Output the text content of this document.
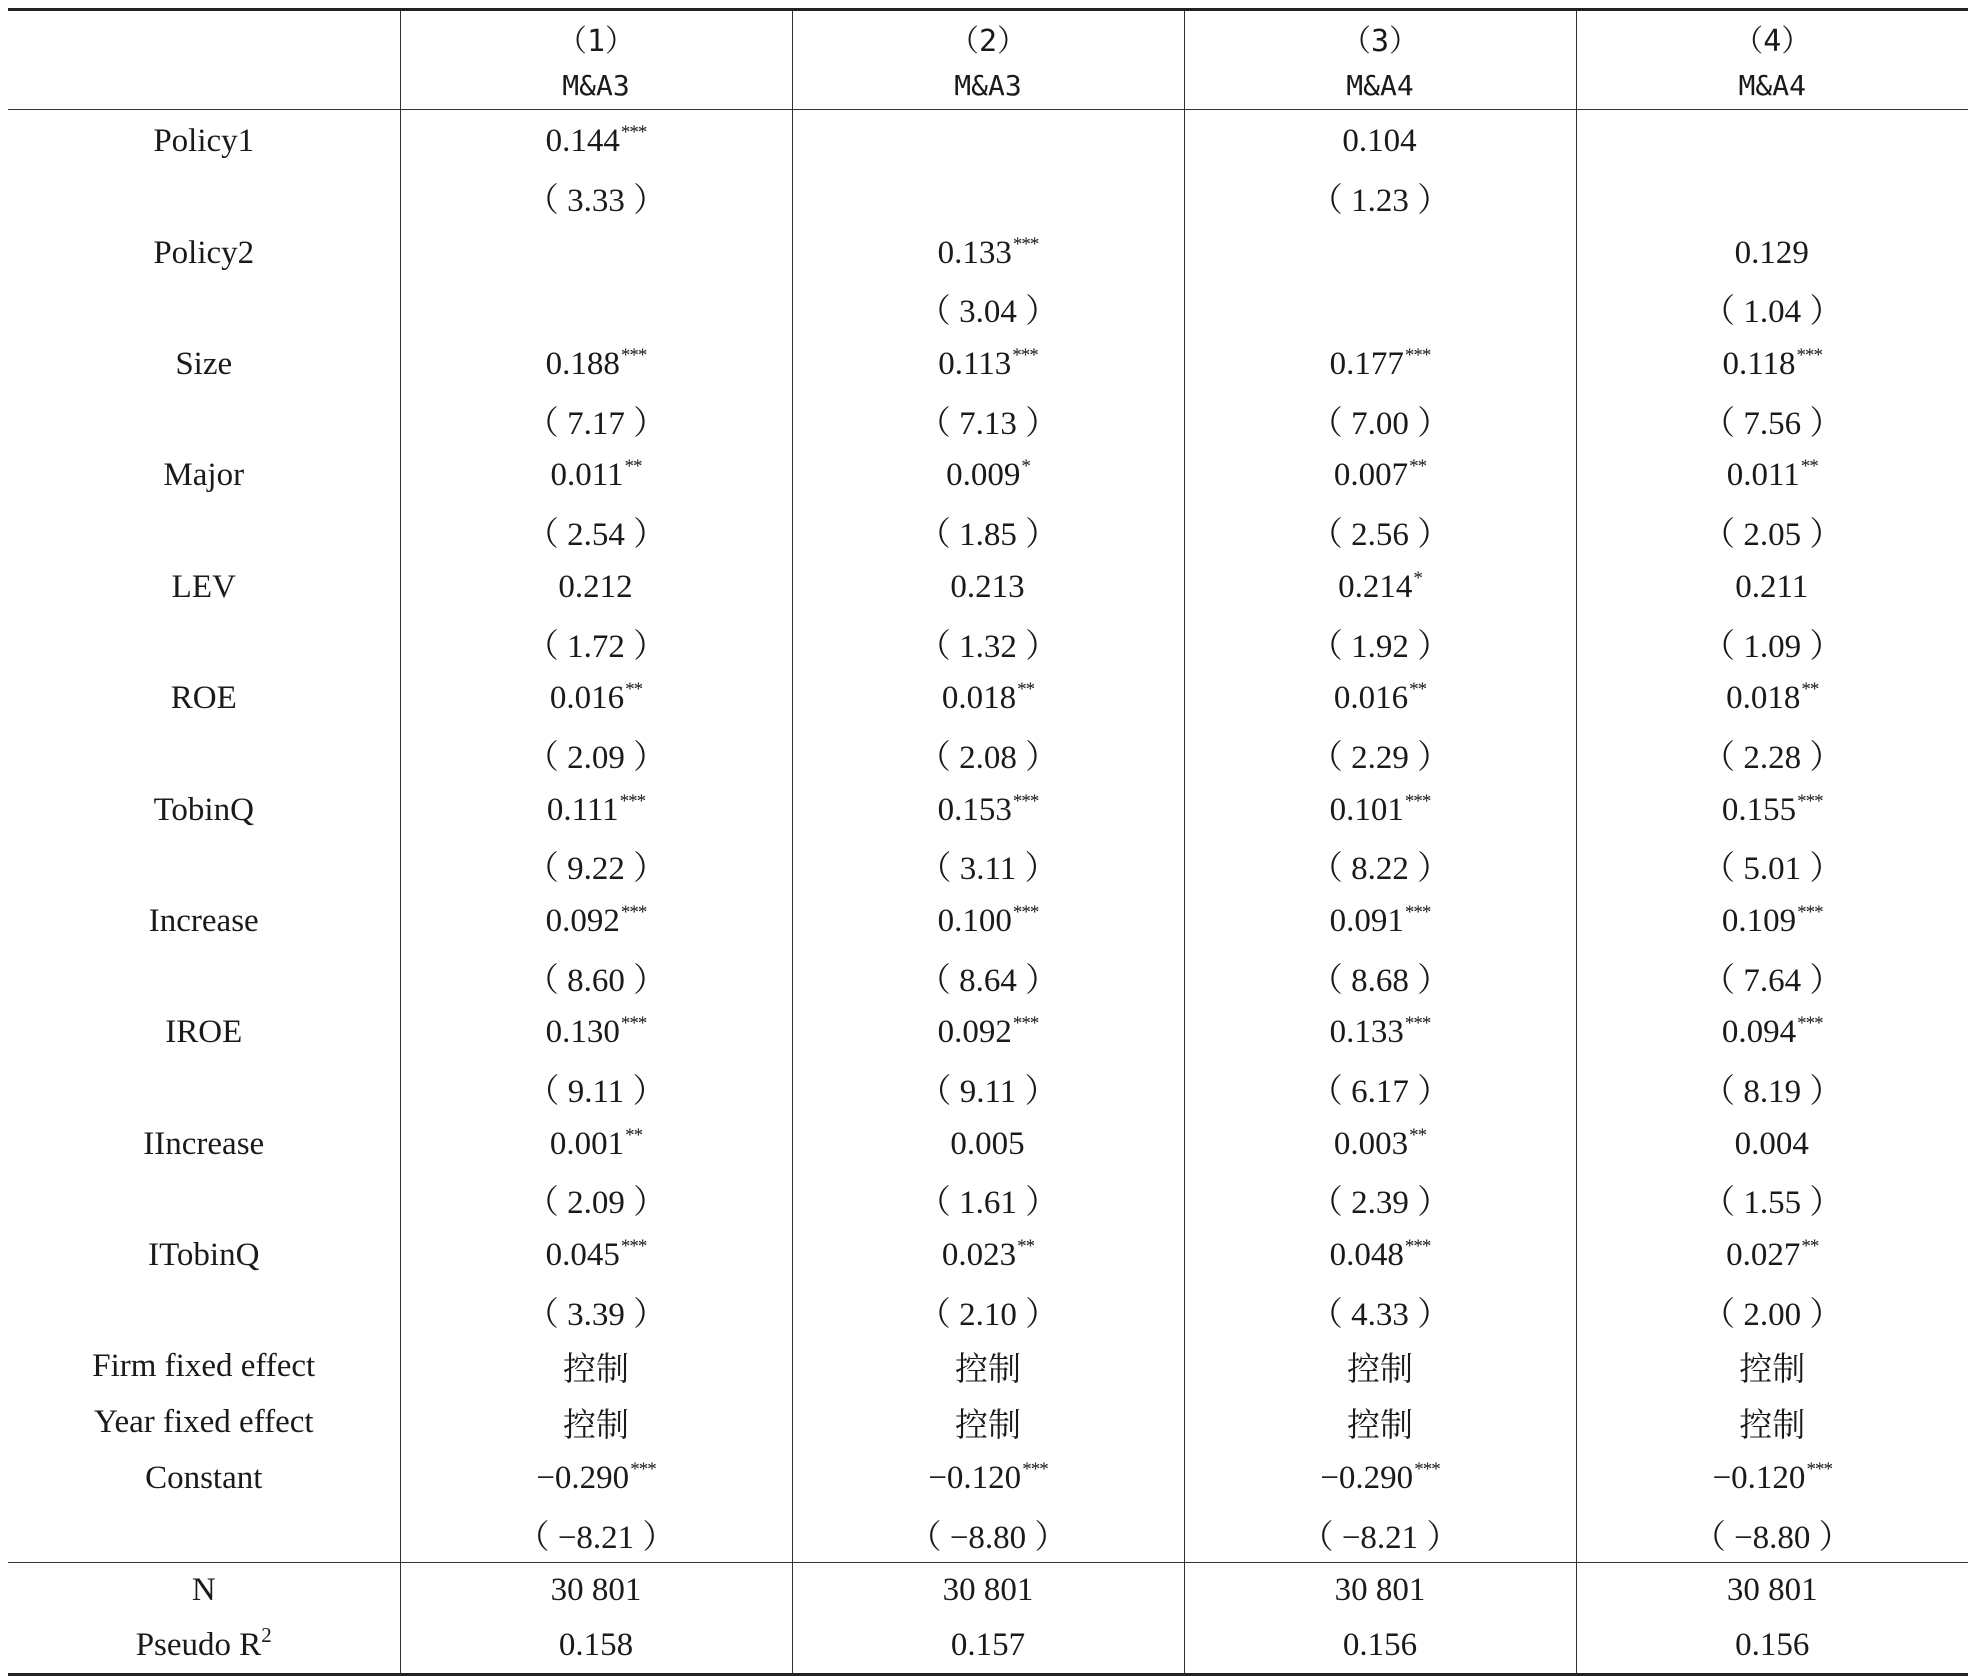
	（1）	（2）	（3）	（4）
	M&A3	M&A3	M&A4	M&A4
Policy1	0.144***		0.104	
	（ 3.33 ）		（ 1.23 ）	
Policy2		0.133***		0.129
		（ 3.04 ）		（ 1.04 ）
Size	0.188***	0.113***	0.177***	0.118***
	（ 7.17 ）	（ 7.13 ）	（ 7.00 ）	（ 7.56 ）
Major	0.011**	0.009*	0.007**	0.011**
	（ 2.54 ）	（ 1.85 ）	（ 2.56 ）	（ 2.05 ）
LEV	0.212	0.213	0.214*	0.211
	（ 1.72 ）	（ 1.32 ）	（ 1.92 ）	（ 1.09 ）
ROE	0.016**	0.018**	0.016**	0.018**
	（ 2.09 ）	（ 2.08 ）	（ 2.29 ）	（ 2.28 ）
TobinQ	0.111***	0.153***	0.101***	0.155***
	（ 9.22 ）	（ 3.11 ）	（ 8.22 ）	（ 5.01 ）
Increase	0.092***	0.100***	0.091***	0.109***
	（ 8.60 ）	（ 8.64 ）	（ 8.68 ）	（ 7.64 ）
IROE	0.130***	0.092***	0.133***	0.094***
	（ 9.11 ）	（ 9.11 ）	（ 6.17 ）	（ 8.19 ）
IIncrease	0.001**	0.005	0.003**	0.004
	（ 2.09 ）	（ 1.61 ）	（ 2.39 ）	（ 1.55 ）
ITobinQ	0.045***	0.023**	0.048***	0.027**
	（ 3.39 ）	（ 2.10 ）	（ 4.33 ）	（ 2.00 ）
Firm fixed effect	控制	控制	控制	控制
Year fixed effect	控制	控制	控制	控制
Constant	−0.290***	−0.120***	−0.290***	−0.120***
	（ −8.21 ）	（ −8.80 ）	（ −8.21 ）	（ −8.80 ）
N	30 801	30 801	30 801	30 801
Pseudo $R^2$	0.158	0.157	0.156	0.156
